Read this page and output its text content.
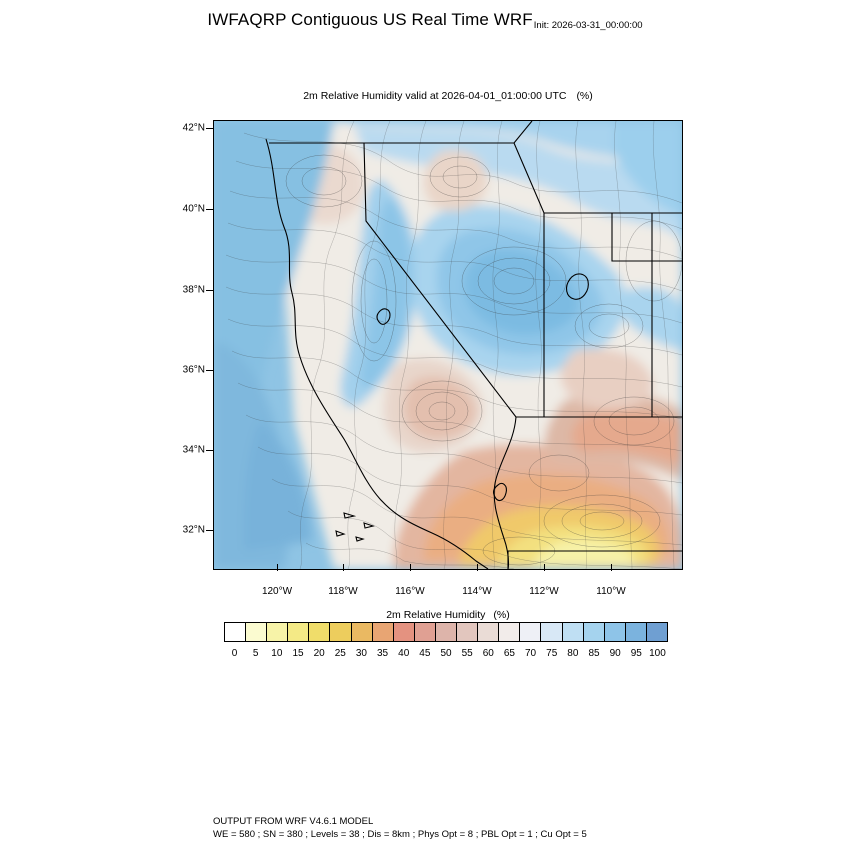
IWFAQRP Contiguous US Real Time WRFInit: 2026-03-31_00:00:00
2m Relative Humidity valid at 2026-04-01_01:00:00 UTC (%)
42°N
40°N
38°N
36°N
34°N
32°N
120°W	118°W	116°W	114°W	112°W	110°W
2m Relative Humidity (%)
0 5 10 15 20 25 30 35 40 45 50 55 60 65 70 75 80 85 90 95 100
OUTPUT FROM WRF V4.6.1 MODEL
WE = 580 ; SN = 380 ; Levels = 38 ; Dis = 8km ; Phys Opt = 8 ; PBL Opt = 1 ; Cu Opt = 5
